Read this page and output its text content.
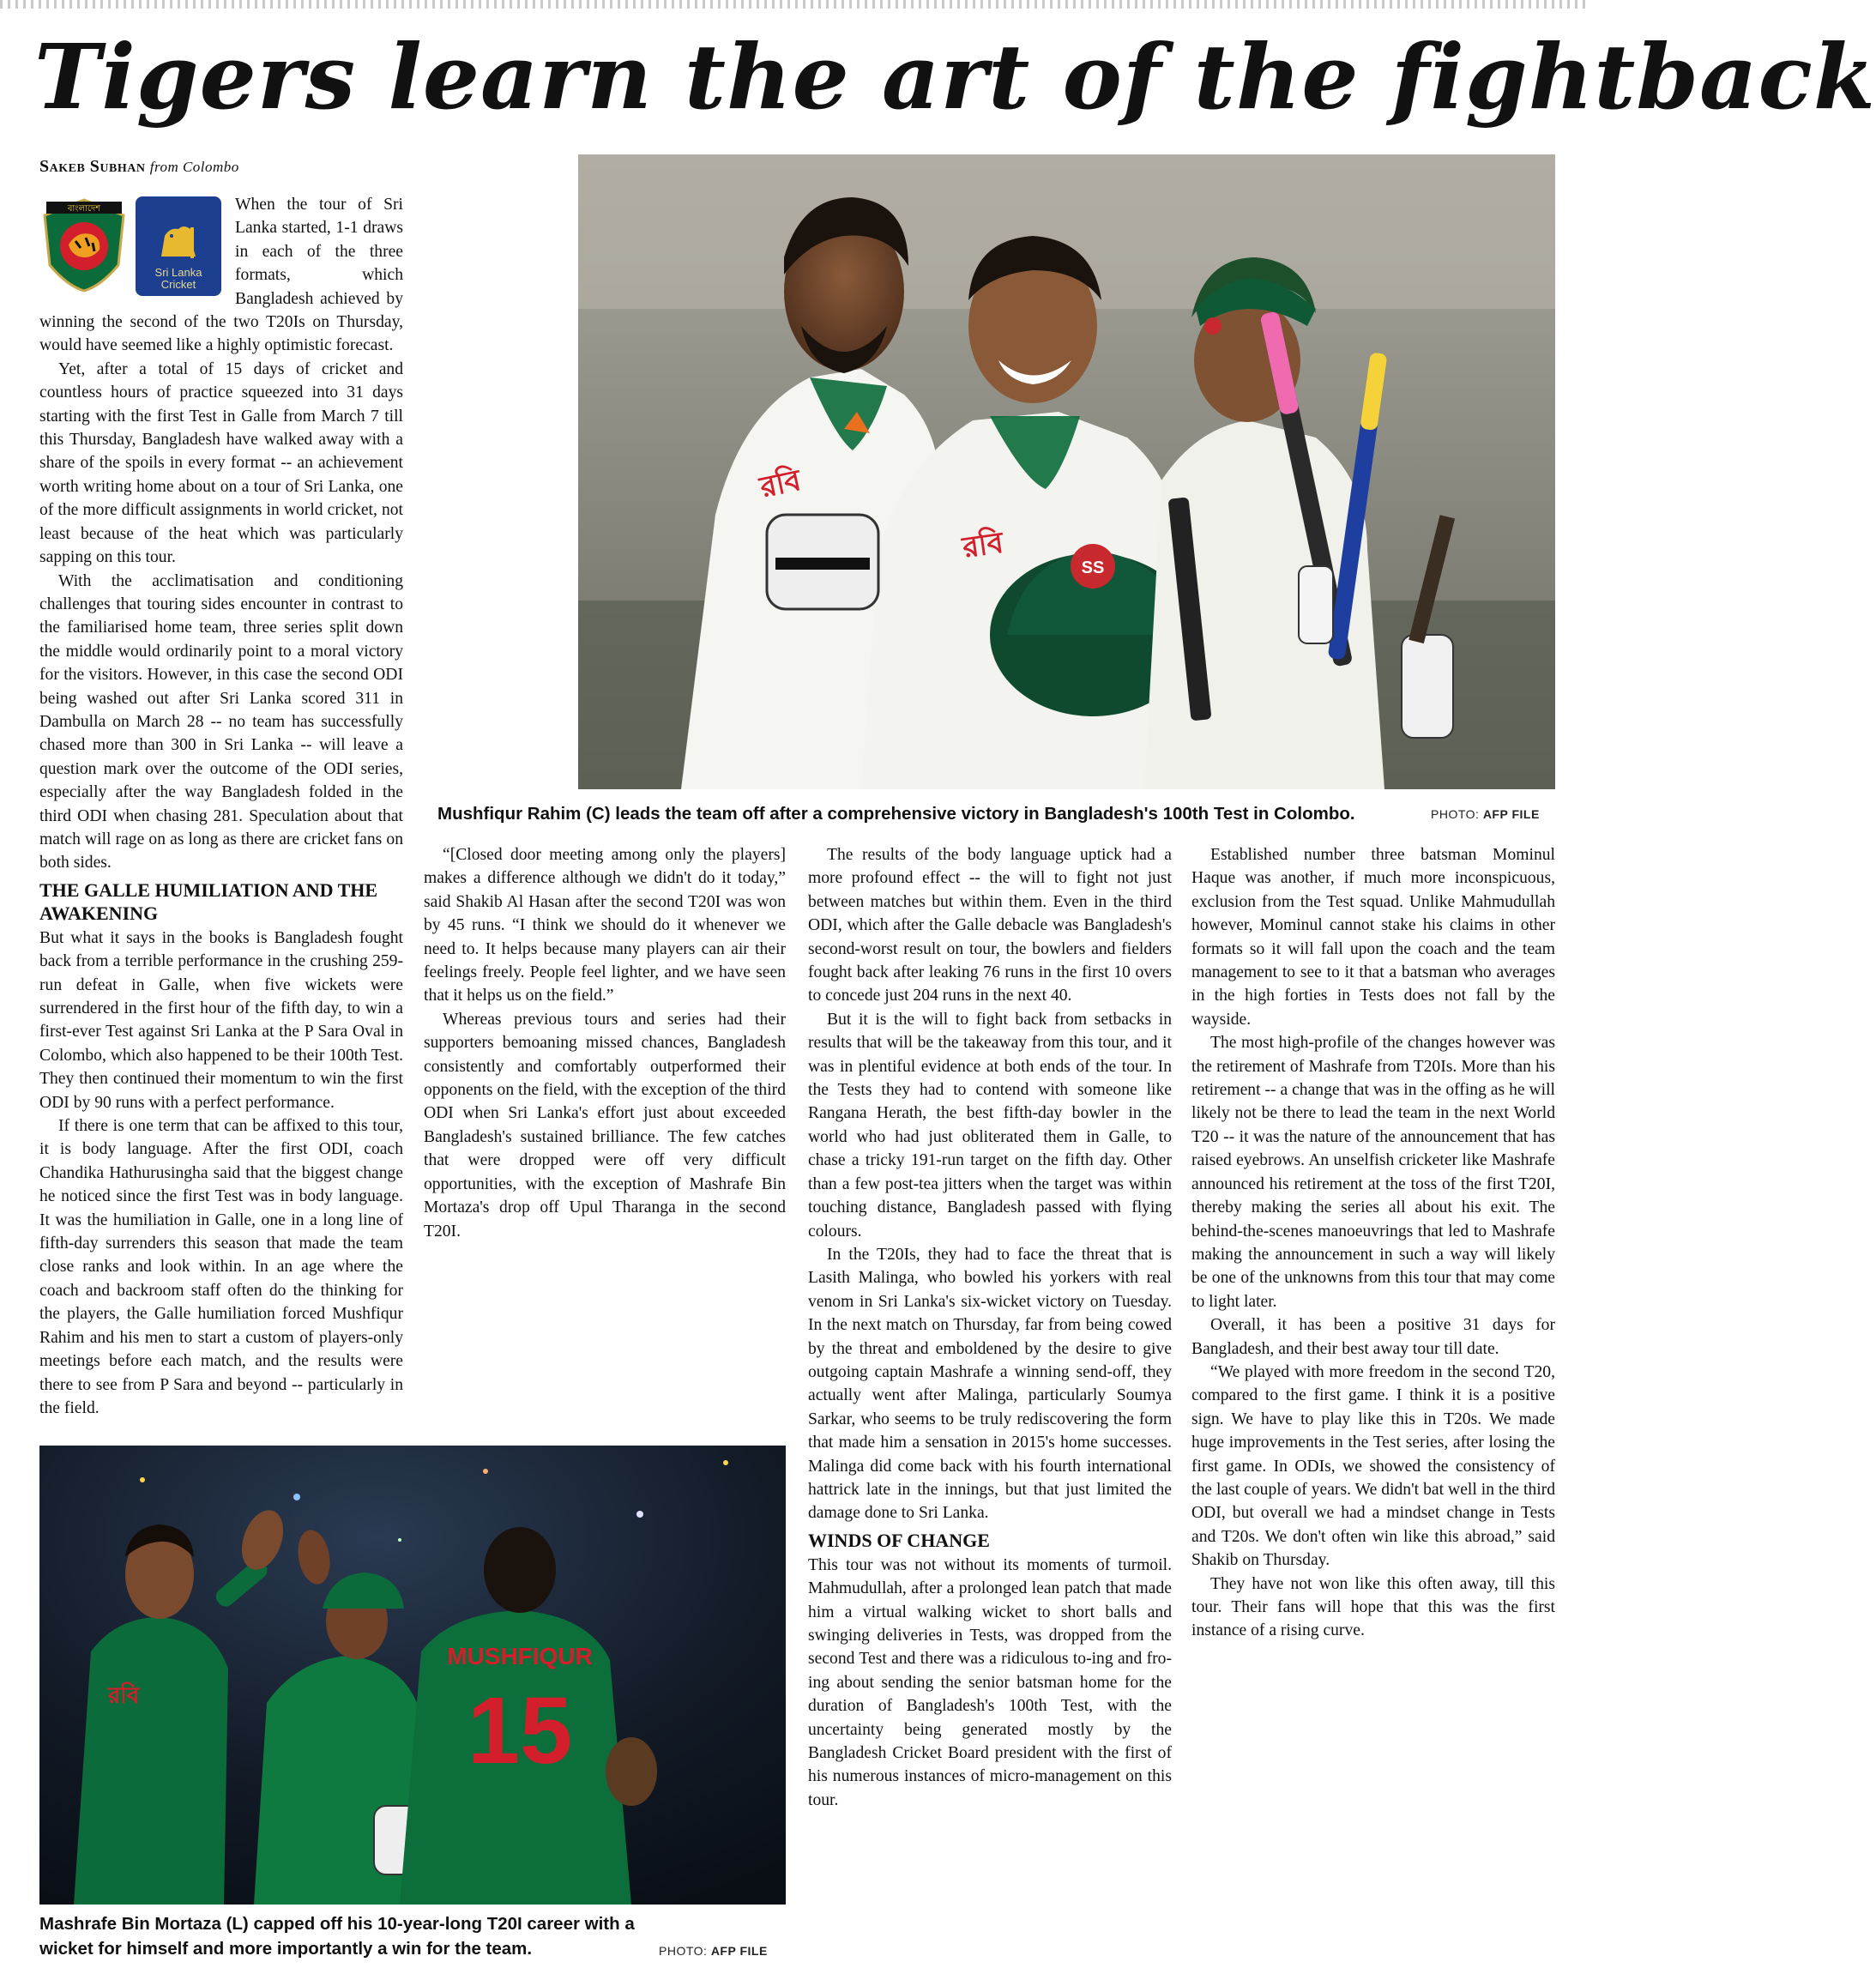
Tigers learn the art of the fightback
Sakeb Subhan from Colombo
রবি
রবি
SS
Mushfiqur Rahim (C) leads the team off after a comprehensive victory in Bangladesh's 100th Test in Colombo.	PHOTO: AFP FILE
রবি
MUSHFIQUR
15
Mashrafe Bin Mortaza (L) capped off his 10-year-long T20I career with a wicket for himself and more importantly a win for the team.	PHOTO: AFP FILE
বাংলাদেশ
Sri Lanka
Cricket

When the tour of Sri Lanka started, 1-1 draws in each of the three formats, which Bangladesh achieved by winning the second of the two T20Is on Thursday, would have seemed like a highly optimistic forecast.

Yet, after a total of 15 days of cricket and countless hours of practice squeezed into 31 days starting with the first Test in Galle from March 7 till this Thursday, Bangladesh have walked away with a share of the spoils in every format -- an achievement worth writing home about on a tour of Sri Lanka, one of the more difficult assignments in world cricket, not least because of the heat which was particularly sapping on this tour.

With the acclimatisation and conditioning challenges that touring sides encounter in contrast to the familiarised home team, three series split down the middle would ordinarily point to a moral victory for the visitors. However, in this case the second ODI being washed out after Sri Lanka scored 311 in Dambulla on March 28 -- no team has successfully chased more than 300 in Sri Lanka -- will leave a question mark over the outcome of the ODI series, especially after the way Bangladesh folded in the third ODI when chasing 281. Speculation about that match will rage on as long as there are cricket fans on both sides.

THE GALLE HUMILIATION AND THE AWAKENING

But what it says in the books is Bangladesh fought back from a terrible performance in the crushing 259-run defeat in Galle, when five wickets were surrendered in the first hour of the fifth day, to win a first-ever Test against Sri Lanka at the P Sara Oval in Colombo, which also happened to be their 100th Test. They then continued their momentum to win the first ODI by 90 runs with a perfect performance.

If there is one term that can be affixed to this tour, it is body language. After the first ODI, coach Chandika Hathurusingha said that the biggest change he noticed since the first Test was in body language. It was the humiliation in Galle, one in a long line of fifth-day surrenders this season that made the team close ranks and look within. In an age where the coach and backroom staff often do the thinking for the players, the Galle humiliation forced Mushfiqur Rahim and his men to start a custom of players-only meetings before each match, and the results were there to see from P Sara and beyond -- particularly in the field.

“[Closed door meeting among only the players] makes a difference although we didn't do it today,” said Shakib Al Hasan after the second T20I was won by 45 runs. “I think we should do it whenever we need to. It helps because many players can air their feelings freely. People feel lighter, and we have seen that it helps us on the field.”

Whereas previous tours and series had their supporters bemoaning missed chances, Bangladesh consistently and comfortably outperformed their opponents on the field, with the exception of the third ODI when Sri Lanka's effort just about exceeded Bangladesh's sustained brilliance. The few catches that were dropped were off very difficult opportunities, with the exception of Mashrafe Bin Mortaza's drop off Upul Tharanga in the second T20I.

The results of the body language uptick had a more profound effect -- the will to fight not just between matches but within them. Even in the third ODI, which after the Galle debacle was Bangladesh's second-worst result on tour, the bowlers and fielders fought back after leaking 76 runs in the first 10 overs to concede just 204 runs in the next 40.

But it is the will to fight back from setbacks in results that will be the takeaway from this tour, and it was in plentiful evidence at both ends of the tour. In the Tests they had to contend with someone like Rangana Herath, the best fifth-day bowler in the world who had just obliterated them in Galle, to chase a tricky 191-run target on the fifth day. Other than a few post-tea jitters when the target was within touching distance, Bangladesh passed with flying colours.

In the T20Is, they had to face the threat that is Lasith Malinga, who bowled his yorkers with real venom in Sri Lanka's six-wicket victory on Tuesday. In the next match on Thursday, far from being cowed by the threat and emboldened by the desire to give outgoing captain Mashrafe a winning send-off, they actually went after Malinga, particularly Soumya Sarkar, who seems to be truly rediscovering the form that made him a sensation in 2015's home successes. Malinga did come back with his fourth international hattrick late in the innings, but that just limited the damage done to Sri Lanka.

WINDS OF CHANGE

This tour was not without its moments of turmoil. Mahmudullah, after a prolonged lean patch that made him a virtual walking wicket to short balls and swinging deliveries in Tests, was dropped from the second Test and there was a ridiculous to-ing and fro-ing about sending the senior batsman home for the duration of Bangladesh's 100th Test, with the uncertainty being generated mostly by the Bangladesh Cricket Board president with the first of his numerous instances of micro-management on this tour.

Established number three batsman Mominul Haque was another, if much more inconspicuous, exclusion from the Test squad. Unlike Mahmudullah however, Mominul cannot stake his claims in other formats so it will fall upon the coach and the team management to see to it that a batsman who averages in the high forties in Tests does not fall by the wayside.

The most high-profile of the changes however was the retirement of Mashrafe from T20Is. More than his retirement -- a change that was in the offing as he will likely not be there to lead the team in the next World T20 -- it was the nature of the announcement that has raised eyebrows. An unselfish cricketer like Mashrafe announced his retirement at the toss of the first T20I, thereby making the series all about his exit. The behind-the-scenes manoeuvrings that led to Mashrafe making the announcement in such a way will likely be one of the unknowns from this tour that may come to light later.

Overall, it has been a positive 31 days for Bangladesh, and their best away tour till date.

“We played with more freedom in the second T20, compared to the first game. I think it is a positive sign. We have to play like this in T20s. We made huge improvements in the Test series, after losing the first game. In ODIs, we showed the consistency of the last couple of years. We didn't bat well in the third ODI, but overall we had a mindset change in Tests and T20s. We don't often win like this abroad,” said Shakib on Thursday.

They have not won like this often away, till this tour. Their fans will hope that this was the first instance of a rising curve.
